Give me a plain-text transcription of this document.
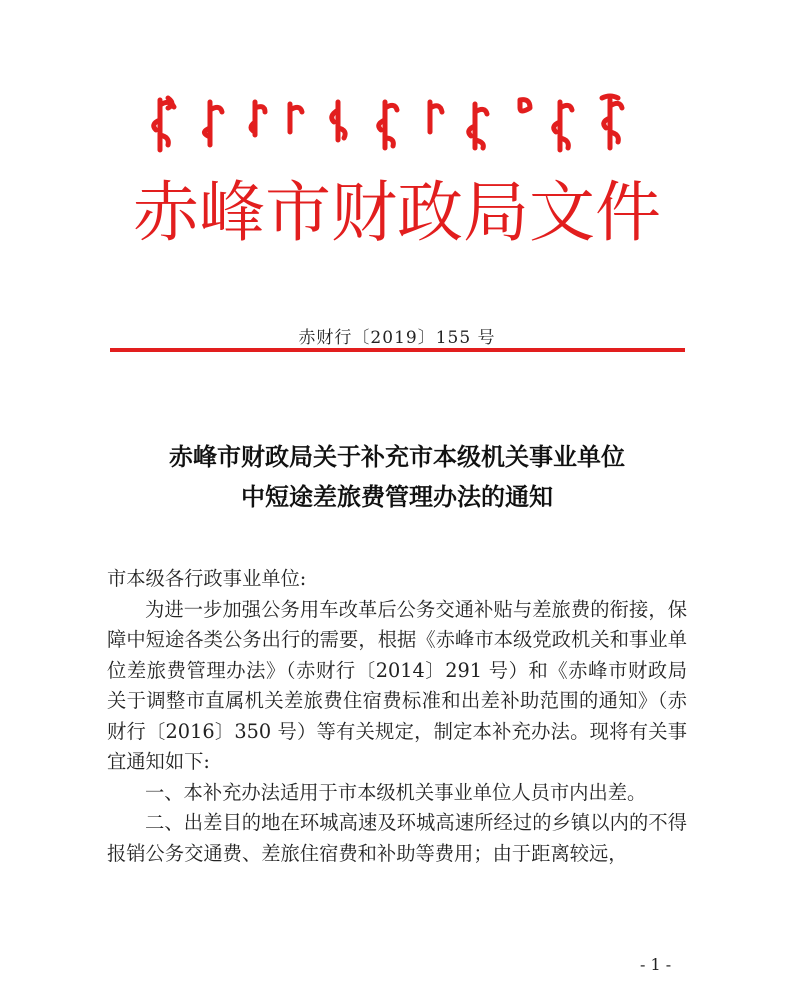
赤峰市财政局文件
赤财行〔2019〕155 号
赤峰市财政局关于补充市本级机关事业单位
中短途差旅费管理办法的通知

市本级各行政事业单位:

为进一步加强公务用车改革后公务交通补贴与差旅费的衔接，保障中短途各类公务出行的需要，根据《赤峰市本级党政机关和事业单位差旅费管理办法》（赤财行〔2014〕291 号）和《赤峰市财政局关于调整市直属机关差旅费住宿费标准和出差补助范围的通知》（赤财行〔2016〕350 号）等有关规定，制定本补充办法。现将有关事宜通知如下:

一、本补充办法适用于市本级机关事业单位人员市内出差。

二、出差目的地在环城高速及环城高速所经过的乡镇以内的不得报销公务交通费、差旅住宿费和补助等费用；由于距离较远，

- 1 -
